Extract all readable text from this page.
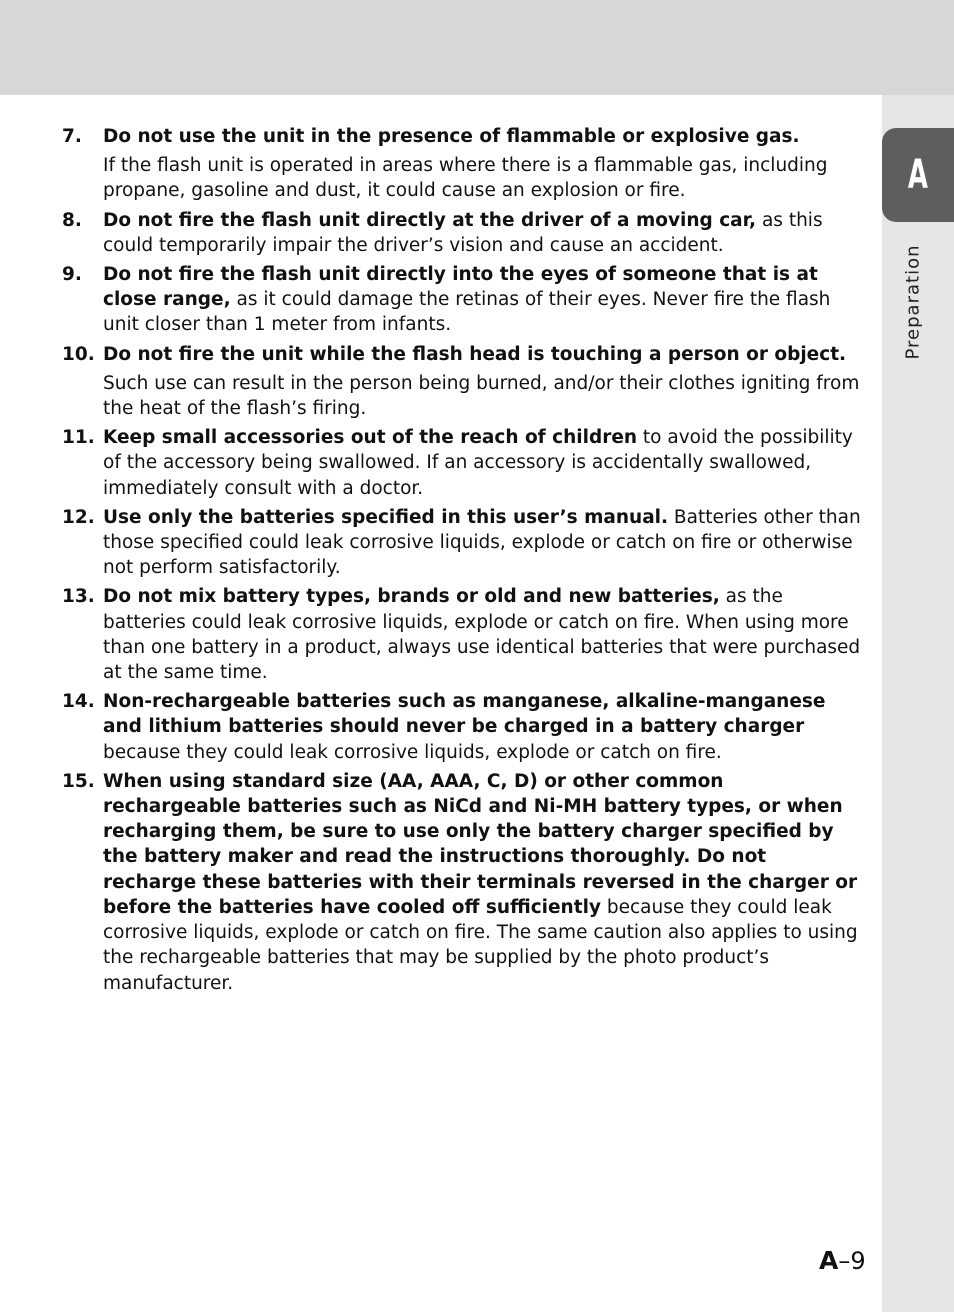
A
Preparation
7. Do not use the unit in the presence of flammable or explosive gas.
If the flash unit is operated in areas where there is a flammable gas, including propane, gasoline and dust, it could cause an explosion or fire.
8. Do not fire the flash unit directly at the driver of a moving car, as this could temporarily impair the driver’s vision and cause an accident.
9. Do not fire the flash unit directly into the eyes of someone that is at close range, as it could damage the retinas of their eyes. Never fire the flash unit closer than 1 meter from infants.
10. Do not fire the unit while the flash head is touching a person or object.
Such use can result in the person being burned, and/or their clothes igniting from the heat of the flash’s firing.
11. Keep small accessories out of the reach of children to avoid the possibility of the accessory being swallowed. If an accessory is accidentally swallowed, immediately consult with a doctor.
12. Use only the batteries specified in this user’s manual. Batteries other than those specified could leak corrosive liquids, explode or catch on fire or otherwise not perform satisfactorily.
13. Do not mix battery types, brands or old and new batteries, as the batteries could leak corrosive liquids, explode or catch on fire. When using more than one battery in a product, always use identical batteries that were purchased at the same time.
14. Non-rechargeable batteries such as manganese, alkaline-manganese and lithium batteries should never be charged in a battery charger because they could leak corrosive liquids, explode or catch on fire.
15. When using standard size (AA, AAA, C, D) or other common rechargeable batteries such as NiCd and Ni-MH battery types, or when recharging them, be sure to use only the battery charger specified by the battery maker and read the instructions thoroughly. Do not recharge these batteries with their terminals reversed in the charger or before the batteries have cooled off sufficiently because they could leak corrosive liquids, explode or catch on fire. The same caution also applies to using the rechargeable batteries that may be supplied by the photo product’s manufacturer.
A–9
